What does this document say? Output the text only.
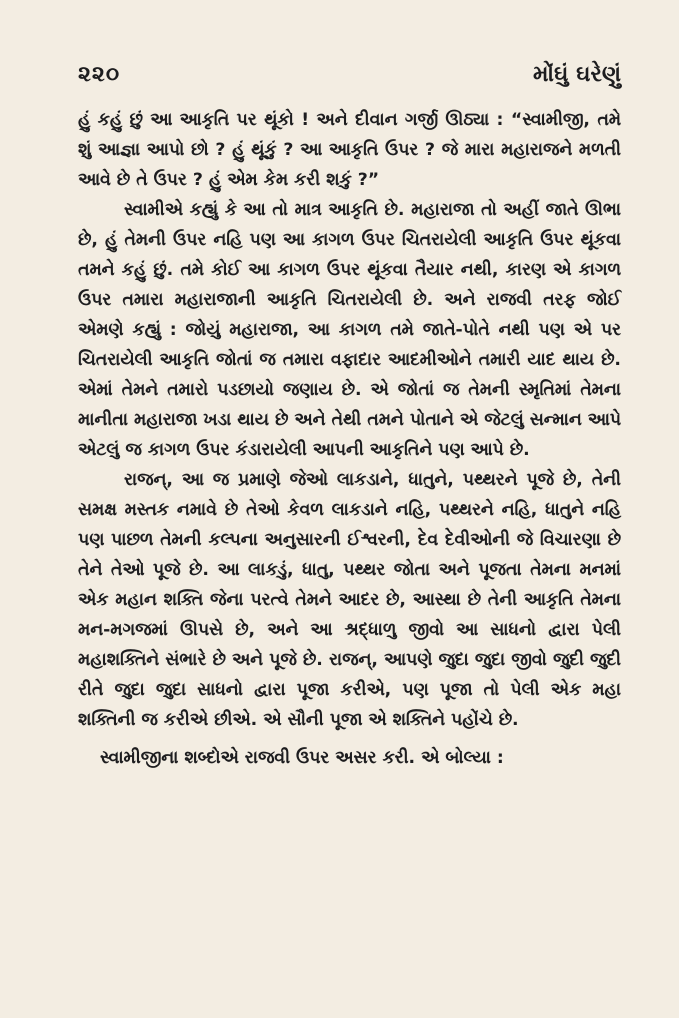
૨૨૦	મોંઘું ઘરેણું

હું કહું છું આ આકૃતિ પર થૂંકો ! અને દીવાન ગર્જી ઊઠ્યા : “સ્વામીજી, તમે શું આજ્ઞા આપો છો ? હું થૂંકું ? આ આકૃતિ ઉપર ? જે મારા મહારાજને મળતી આવે છે તે ઉપર ? હું એમ કેમ કરી શકું ?”

સ્વામીએ કહ્યું કે આ તો માત્ર આકૃતિ છે. મહારાજા તો અહીં જાતે ઊભા છે, હું તેમની ઉપર નહિ પણ આ કાગળ ઉપર ચિતરાયેલી આકૃતિ ઉપર થૂંકવા તમને કહું છું. તમે કોઈ આ કાગળ ઉપર થૂંકવા તૈયાર નથી, કારણ એ કાગળ ઉપર તમારા મહારાજાની આકૃતિ ચિતરાયેલી છે. અને રાજવી તરફ જોઈ એમણે કહ્યું : જોયું મહારાજા, આ કાગળ તમે જાતે-પોતે નથી પણ એ પર ચિતરાયેલી આકૃતિ જોતાં જ તમારા વફાદાર આદમીઓને તમારી યાદ થાય છે. એમાં તેમને તમારો પડછાયો જણાય છે. એ જોતાં જ તેમની સ્મૃતિમાં તેમના માનીતા મહારાજા ખડા થાય છે અને તેથી તમને પોતાને એ જેટલું સન્માન આપે એટલું જ કાગળ ઉપર કંડારાયેલી આપની આકૃતિને પણ આપે છે.

રાજન્, આ જ પ્રમાણે જેઓ લાકડાને, ધાતુને, પથ્થરને પૂજે છે, તેની સમક્ષ મસ્તક નમાવે છે તેઓ કેવળ લાકડાને નહિ, પથ્થરને નહિ, ધાતુને નહિ પણ પાછળ તેમની કલ્પના અનુસારની ઈશ્વરની, દેવ દેવીઓની જે વિચારણા છે તેને તેઓ પૂજે છે. આ લાકડું, ધાતુ, પથ્થર જોતા અને પૂજતા તેમના મનમાં એક મહાન શક્તિ જેના પરત્વે તેમને આદર છે, આસ્થા છે તેની આકૃતિ તેમના મન-મગજમાં ઊપસે છે, અને આ શ્રદ્ધાળુ જીવો આ સાધનો દ્વારા પેલી મહાશક્તિને સંભારે છે અને પૂજે છે. રાજન્, આપણે જુદા જુદા જીવો જુદી જુદી રીતે જુદા જુદા સાધનો દ્વારા પૂજા કરીએ, પણ પૂજા તો પેલી એક મહા શક્તિની જ કરીએ છીએ. એ સૌની પૂજા એ શક્તિને પહોંચે છે.

સ્વામીજીના શબ્દોએ રાજવી ઉપર અસર કરી. એ બોલ્યા :
